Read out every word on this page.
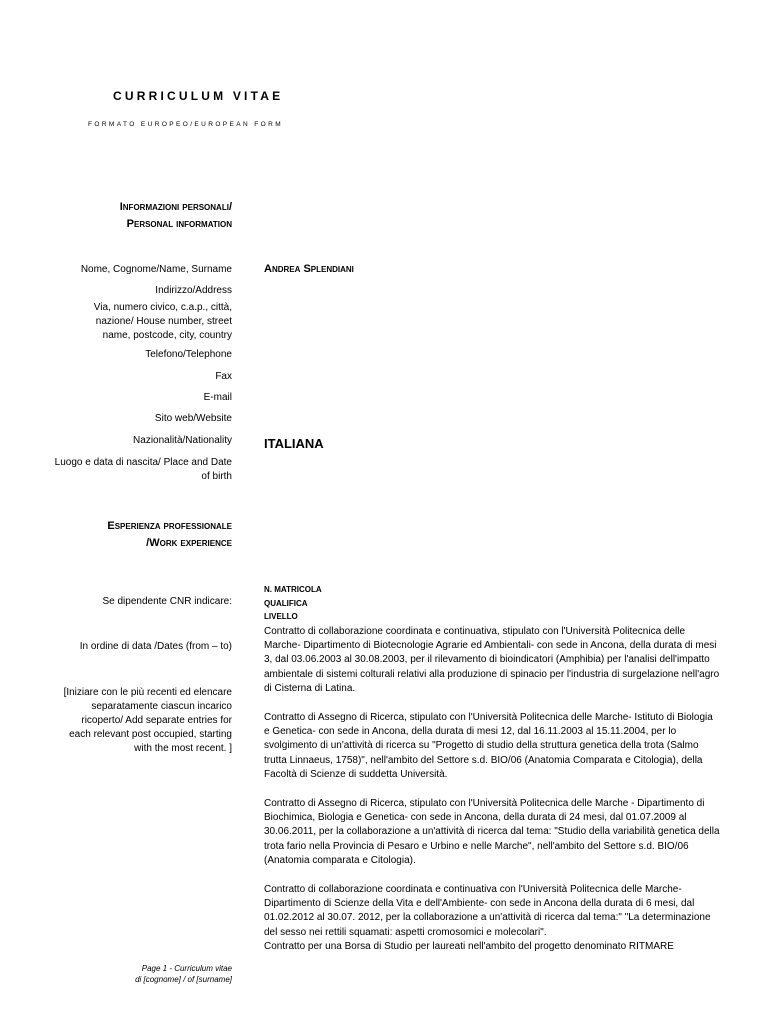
CURRICULUM VITAE
FORMATO EUROPEO/EUROPEAN FORM
Informazioni personali/
Personal information
Nome, Cognome/Name, Surname	Andrea Splendiani
Indirizzo/Address
Via, numero civico, c.a.p., città, nazione/ House number, street name, postcode, city, country
Telefono/Telephone
Fax
E-mail
Sito web/Website
Nazionalità/Nationality ITALIANA
Luogo e data di nascita/ Place and Date of birth
Esperienza professionale
/Work experience
N. MATRICOLA
QUALIFICA
LIVELLO
Se dipendente CNR indicare:
In ordine di data /Dates (from – to)
[Iniziare con le più recenti ed elencare separatamente ciascun incarico ricoperto/ Add separate entries for each relevant post occupied, starting with the most recent. ]
Contratto di collaborazione coordinata e continuativa, stipulato con l'Università Politecnica delle Marche- Dipartimento di Biotecnologie Agrarie ed Ambientali- con sede in Ancona, della durata di mesi 3, dal 03.06.2003 al 30.08.2003, per il rilevamento di bioindicatori (Amphibia) per l'analisi dell'impatto ambientale di sistemi colturali relativi alla produzione di spinacio per l'industria di surgelazione nell'agro di Cisterna di Latina.
Contratto di Assegno di Ricerca, stipulato con l'Università Politecnica delle Marche- Istituto di Biologia e Genetica- con sede in Ancona, della durata di mesi 12, dal 16.11.2003 al 15.11.2004, per lo svolgimento di un'attività di ricerca su "Progetto di studio della struttura genetica della trota (Salmo trutta Linnaeus, 1758)", nell'ambito del Settore s.d. BIO/06 (Anatomia Comparata e Citologia), della Facoltà di Scienze di suddetta Università.
Contratto di Assegno di Ricerca, stipulato con l'Università Politecnica delle Marche - Dipartimento di Biochimica, Biologia e Genetica- con sede in Ancona, della durata di 24 mesi, dal 01.07.2009 al 30.06.2011, per la collaborazione a un'attività di ricerca dal tema: "Studio della variabilità genetica della trota fario nella Provincia di Pesaro e Urbino e nelle Marche", nell'ambito del Settore s.d. BIO/06 (Anatomia comparata e Citologia).
Contratto di collaborazione coordinata e continuativa con l'Università Politecnica delle Marche- Dipartimento di Scienze della Vita e dell'Ambiente- con sede in Ancona della durata di 6 mesi, dal 01.02.2012 al 30.07. 2012, per la collaborazione a un'attività di ricerca dal tema:" "La determinazione del sesso nei rettili squamati: aspetti cromosomici e molecolari".
Contratto per una Borsa di Studio per laureati nell'ambito del progetto denominato RITMARE
Page 1 - Curriculum vitae
di [cognome] / of [surname]
